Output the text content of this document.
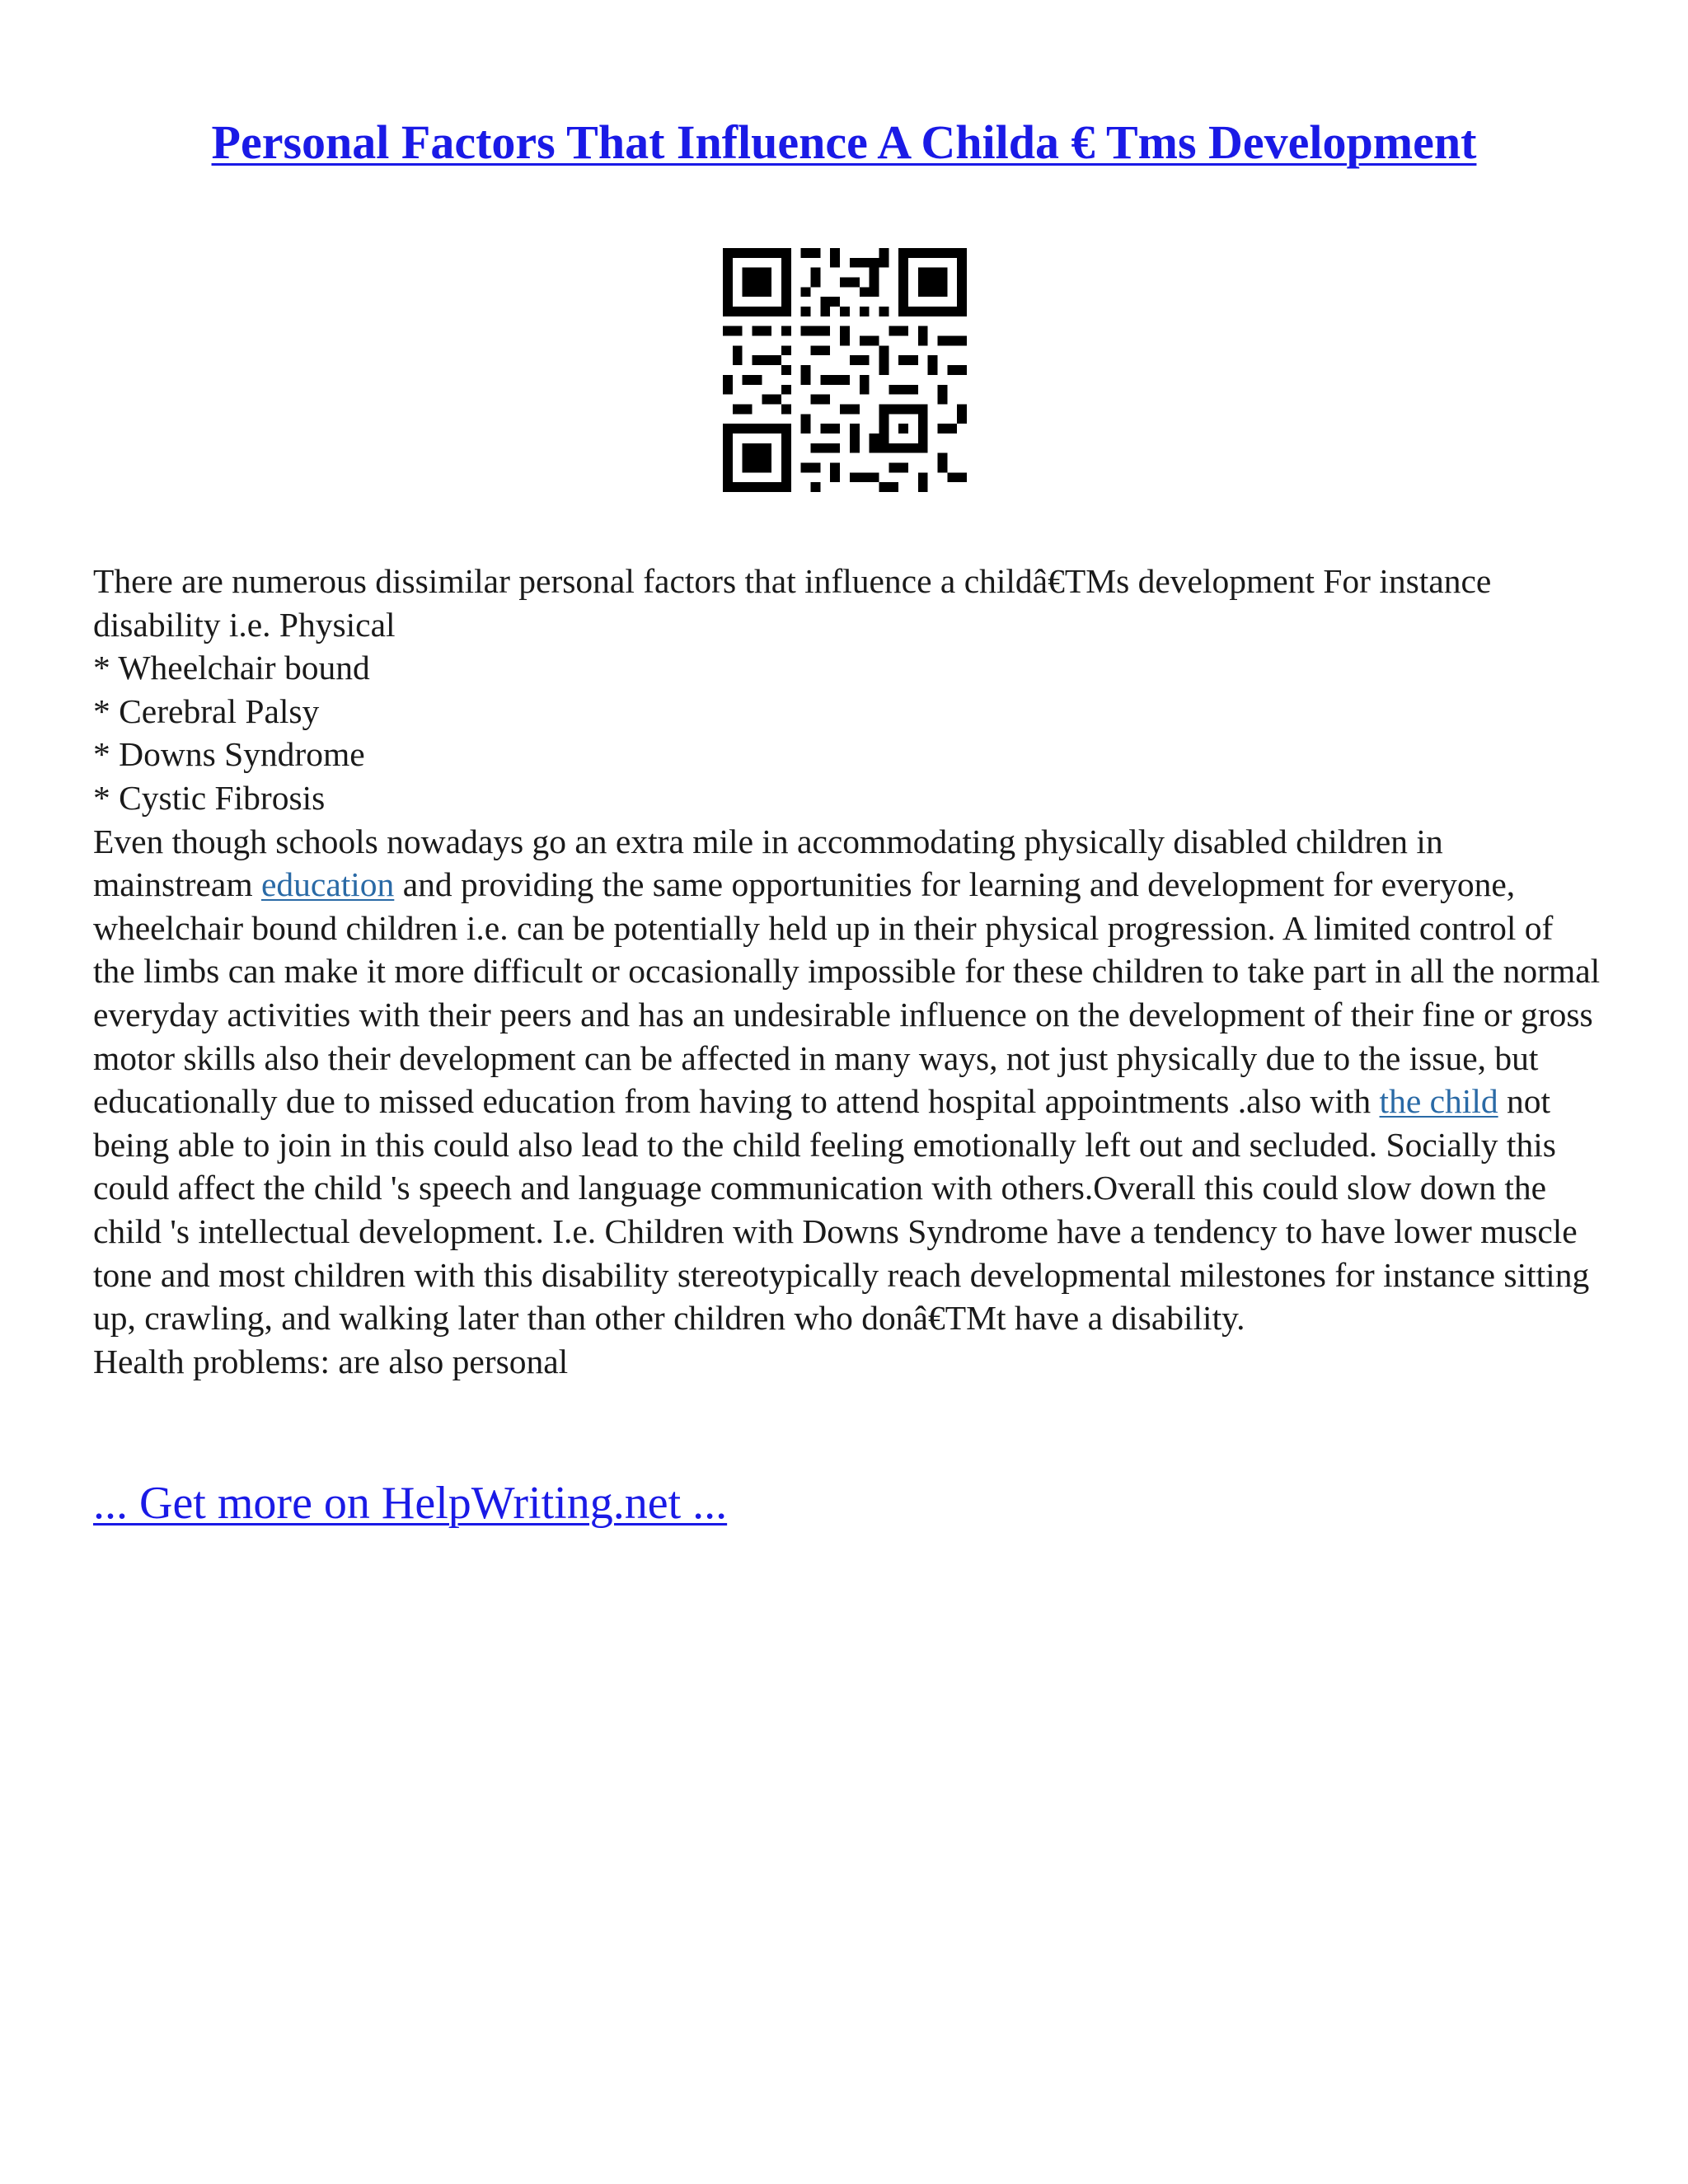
Personal Factors That Influence A Childa € Tms Development

There are numerous dissimilar personal factors that influence a childâ€TMs development For instance disability i.e. Physical

* Wheelchair bound

* Cerebral Palsy

* Downs Syndrome

* Cystic Fibrosis

Even though schools nowadays go an extra mile in accommodating physically disabled children in mainstream education and providing the same opportunities for learning and development for everyone, wheelchair bound children i.e. can be potentially held up in their physical progression. A limited control of the limbs can make it more difficult or occasionally impossible for these children to take part in all the normal everyday activities with their peers and has an undesirable influence on the development of their fine or gross motor skills also their development can be affected in many ways, not just physically due to the issue, but educationally due to missed education from having to attend hospital appointments .also with the child not being able to join in this could also lead to the child feeling emotionally left out and secluded. Socially this could affect the child 's speech and language communication with others.Overall this could slow down the child 's intellectual development. I.e. Children with Downs Syndrome have a tendency to have lower muscle tone and most children with this disability stereotypically reach developmental milestones for instance sitting up, crawling, and walking later than other children who donâ€TMt have a disability.

Health problems: are also personal

... Get more on HelpWriting.net ...
